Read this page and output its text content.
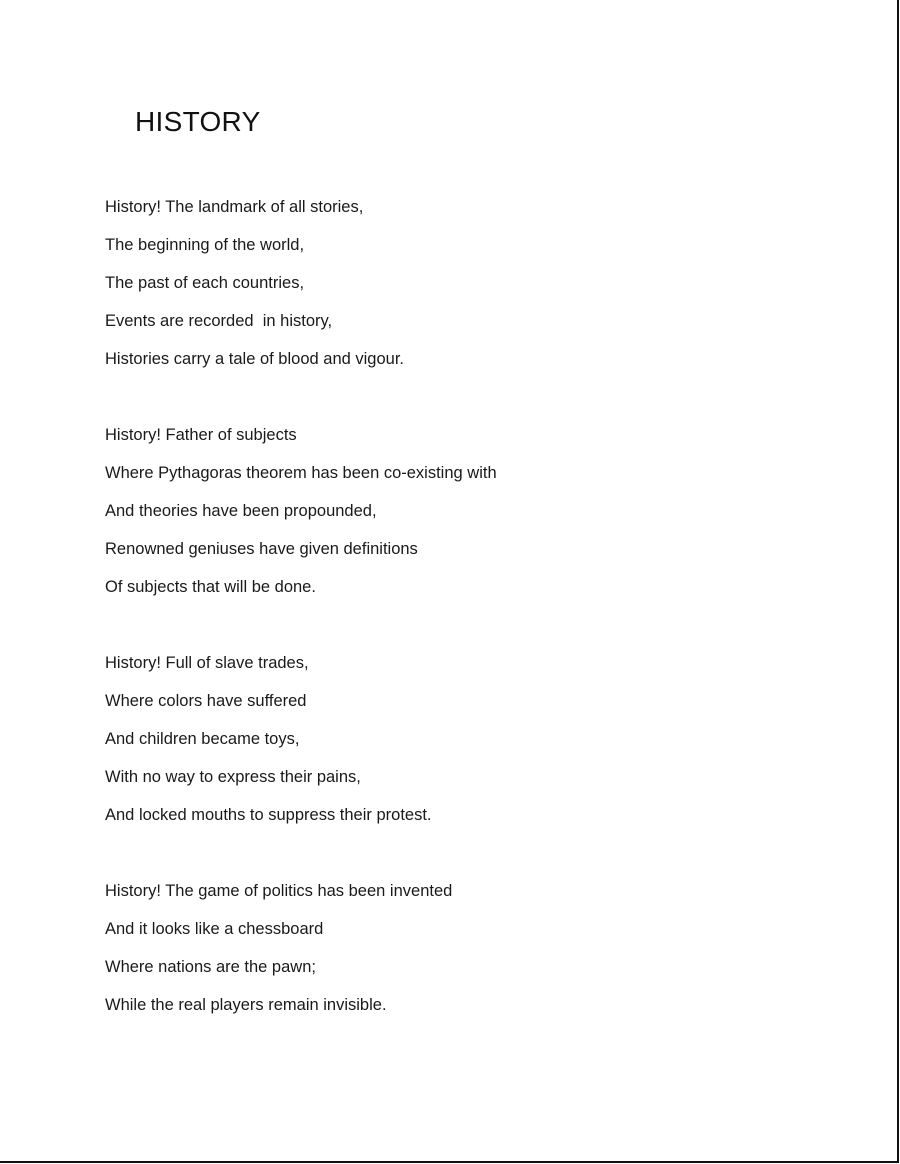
HISTORY
History! The landmark of all stories,
The beginning of the world,
The past of each countries,
Events are recorded  in history,
Histories carry a tale of blood and vigour.
History! Father of subjects
Where Pythagoras theorem has been co-existing with
And theories have been propounded,
Renowned geniuses have given definitions
Of subjects that will be done.
History! Full of slave trades,
Where colors have suffered
And children became toys,
With no way to express their pains,
And locked mouths to suppress their protest.
History! The game of politics has been invented
And it looks like a chessboard
Where nations are the pawn;
While the real players remain invisible.
